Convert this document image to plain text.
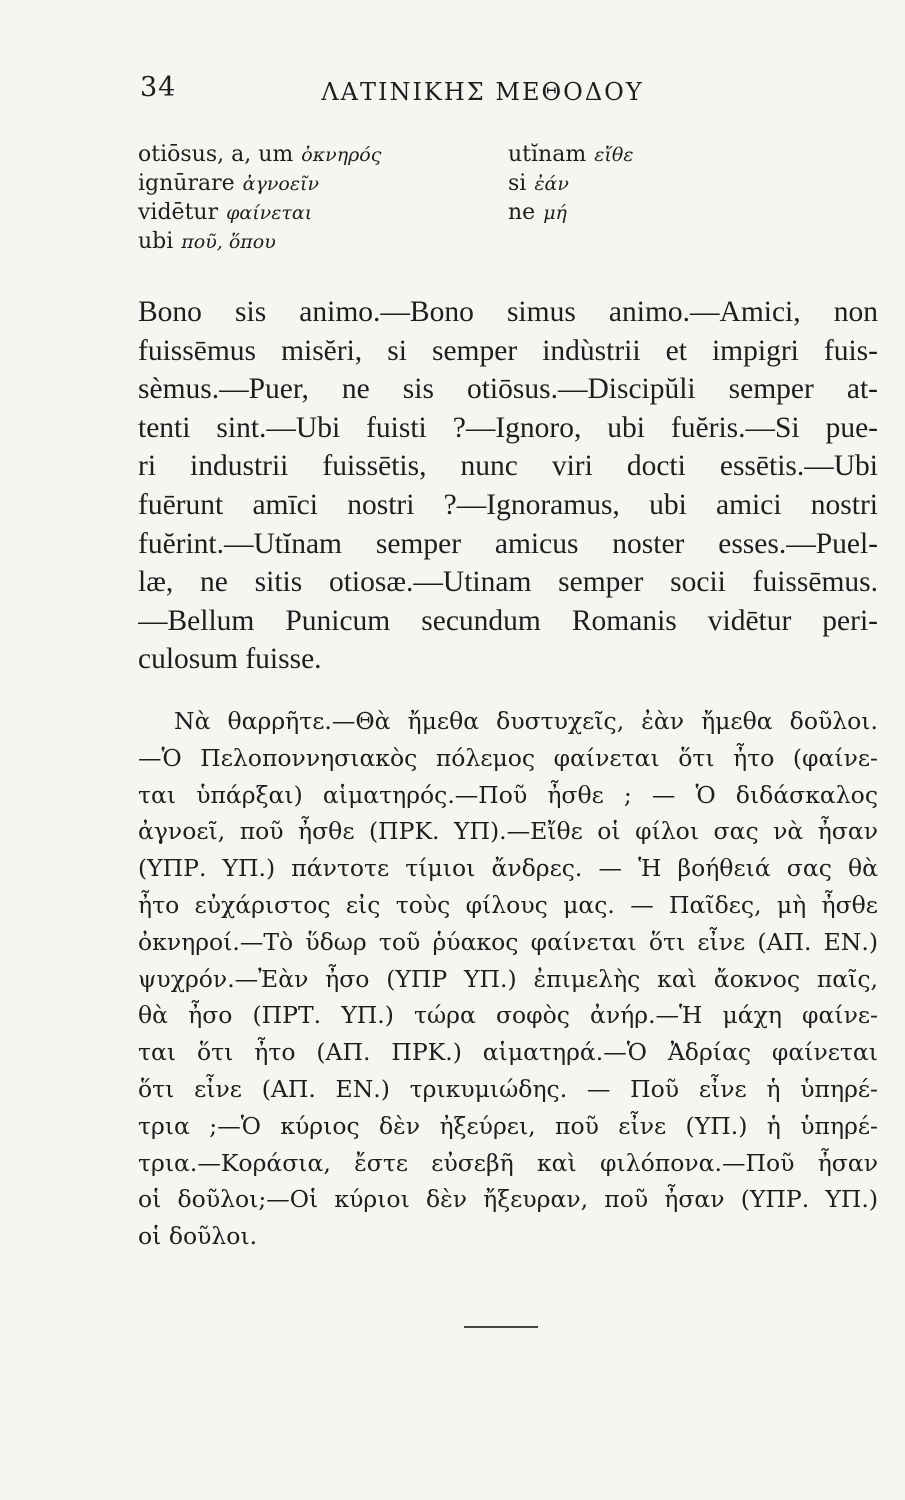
34	ΛΑΤΙΝΙΚΗΣ ΜΕΘΟΔΟΥ
otiōsus, a, um ὀκνηρός
ignūrare ἀγνοεῖν
vidētur φαίνεται
ubi ποῦ, ὅπου
utĭnam εἴθε
si ἐάν
ne μή
Bono sis animo.—Bono simus animo.—Amici, non
fuissēmus misĕri, si semper indùstrii et impigri fuis-
sèmus.—Puer, ne sis otiōsus.—Discipŭli semper at-
tenti sint.—Ubi fuisti ?—Ignoro, ubi fuĕris.—Si pue-
ri industrii fuissētis, nunc viri docti essētis.—Ubi
fuērunt amīci nostri ?—Ignoramus, ubi amici nostri
fuĕrint.—Utĭnam semper amicus noster esses.—Puel-
læ, ne sitis otiosæ.—Utinam semper socii fuissēmus.
—Bellum Punicum secundum Romanis vidētur peri-
culosum fuisse.
Νὰ θαρρῆτε.—Θὰ ἤμεθα δυστυχεῖς, ἐὰν ἤμεθα δοῦλοι.
—Ὁ Πελοποννησιακὸς πόλεμος φαίνεται ὅτι ἦτο (φαίνε-
ται ὑπάρξαι) αἱματηρός.—Ποῦ ἦσθε ; — Ὁ διδάσκαλος
ἀγνοεῖ, ποῦ ἦσθε (ΠΡΚ. ΥΠ).—Εἴθε οἱ φίλοι σας νὰ ἦσαν
(ΥΠΡ. ΥΠ.) πάντοτε τίμιοι ἄνδρες. — Ἡ βοήθειά σας θὰ
ἦτο εὐχάριστος εἰς τοὺς φίλους μας. — Παῖδες, μὴ ἦσθε
ὀκνηροί.—Τὸ ὕδωρ τοῦ ῥύακος φαίνεται ὅτι εἶνε (ΑΠ. ΕΝ.)
ψυχρόν.—Ἐὰν ἦσο (ΥΠΡ ΥΠ.) ἐπιμελὴς καὶ ἄοκνος παῖς,
θὰ ἦσο (ΠΡΤ. ΥΠ.) τώρα σοφὸς ἀνήρ.—Ἡ μάχη φαίνε-
ται ὅτι ἦτο (ΑΠ. ΠΡΚ.) αἱματηρά.—Ὁ Ἀδρίας φαίνεται
ὅτι εἶνε (ΑΠ. ΕΝ.) τρικυμιώδης. — Ποῦ εἶνε ἡ ὑπηρέ-
τρια ;—Ὁ κύριος δὲν ἠξεύρει, ποῦ εἶνε (ΥΠ.) ἡ ὑπηρέ-
τρια.—Κοράσια, ἔστε εὐσεβῆ καὶ φιλόπονα.—Ποῦ ἦσαν
οἱ δοῦλοι;—Οἱ κύριοι δὲν ἤξευραν, ποῦ ἦσαν (ΥΠΡ. ΥΠ.)
οἱ δοῦλοι.
